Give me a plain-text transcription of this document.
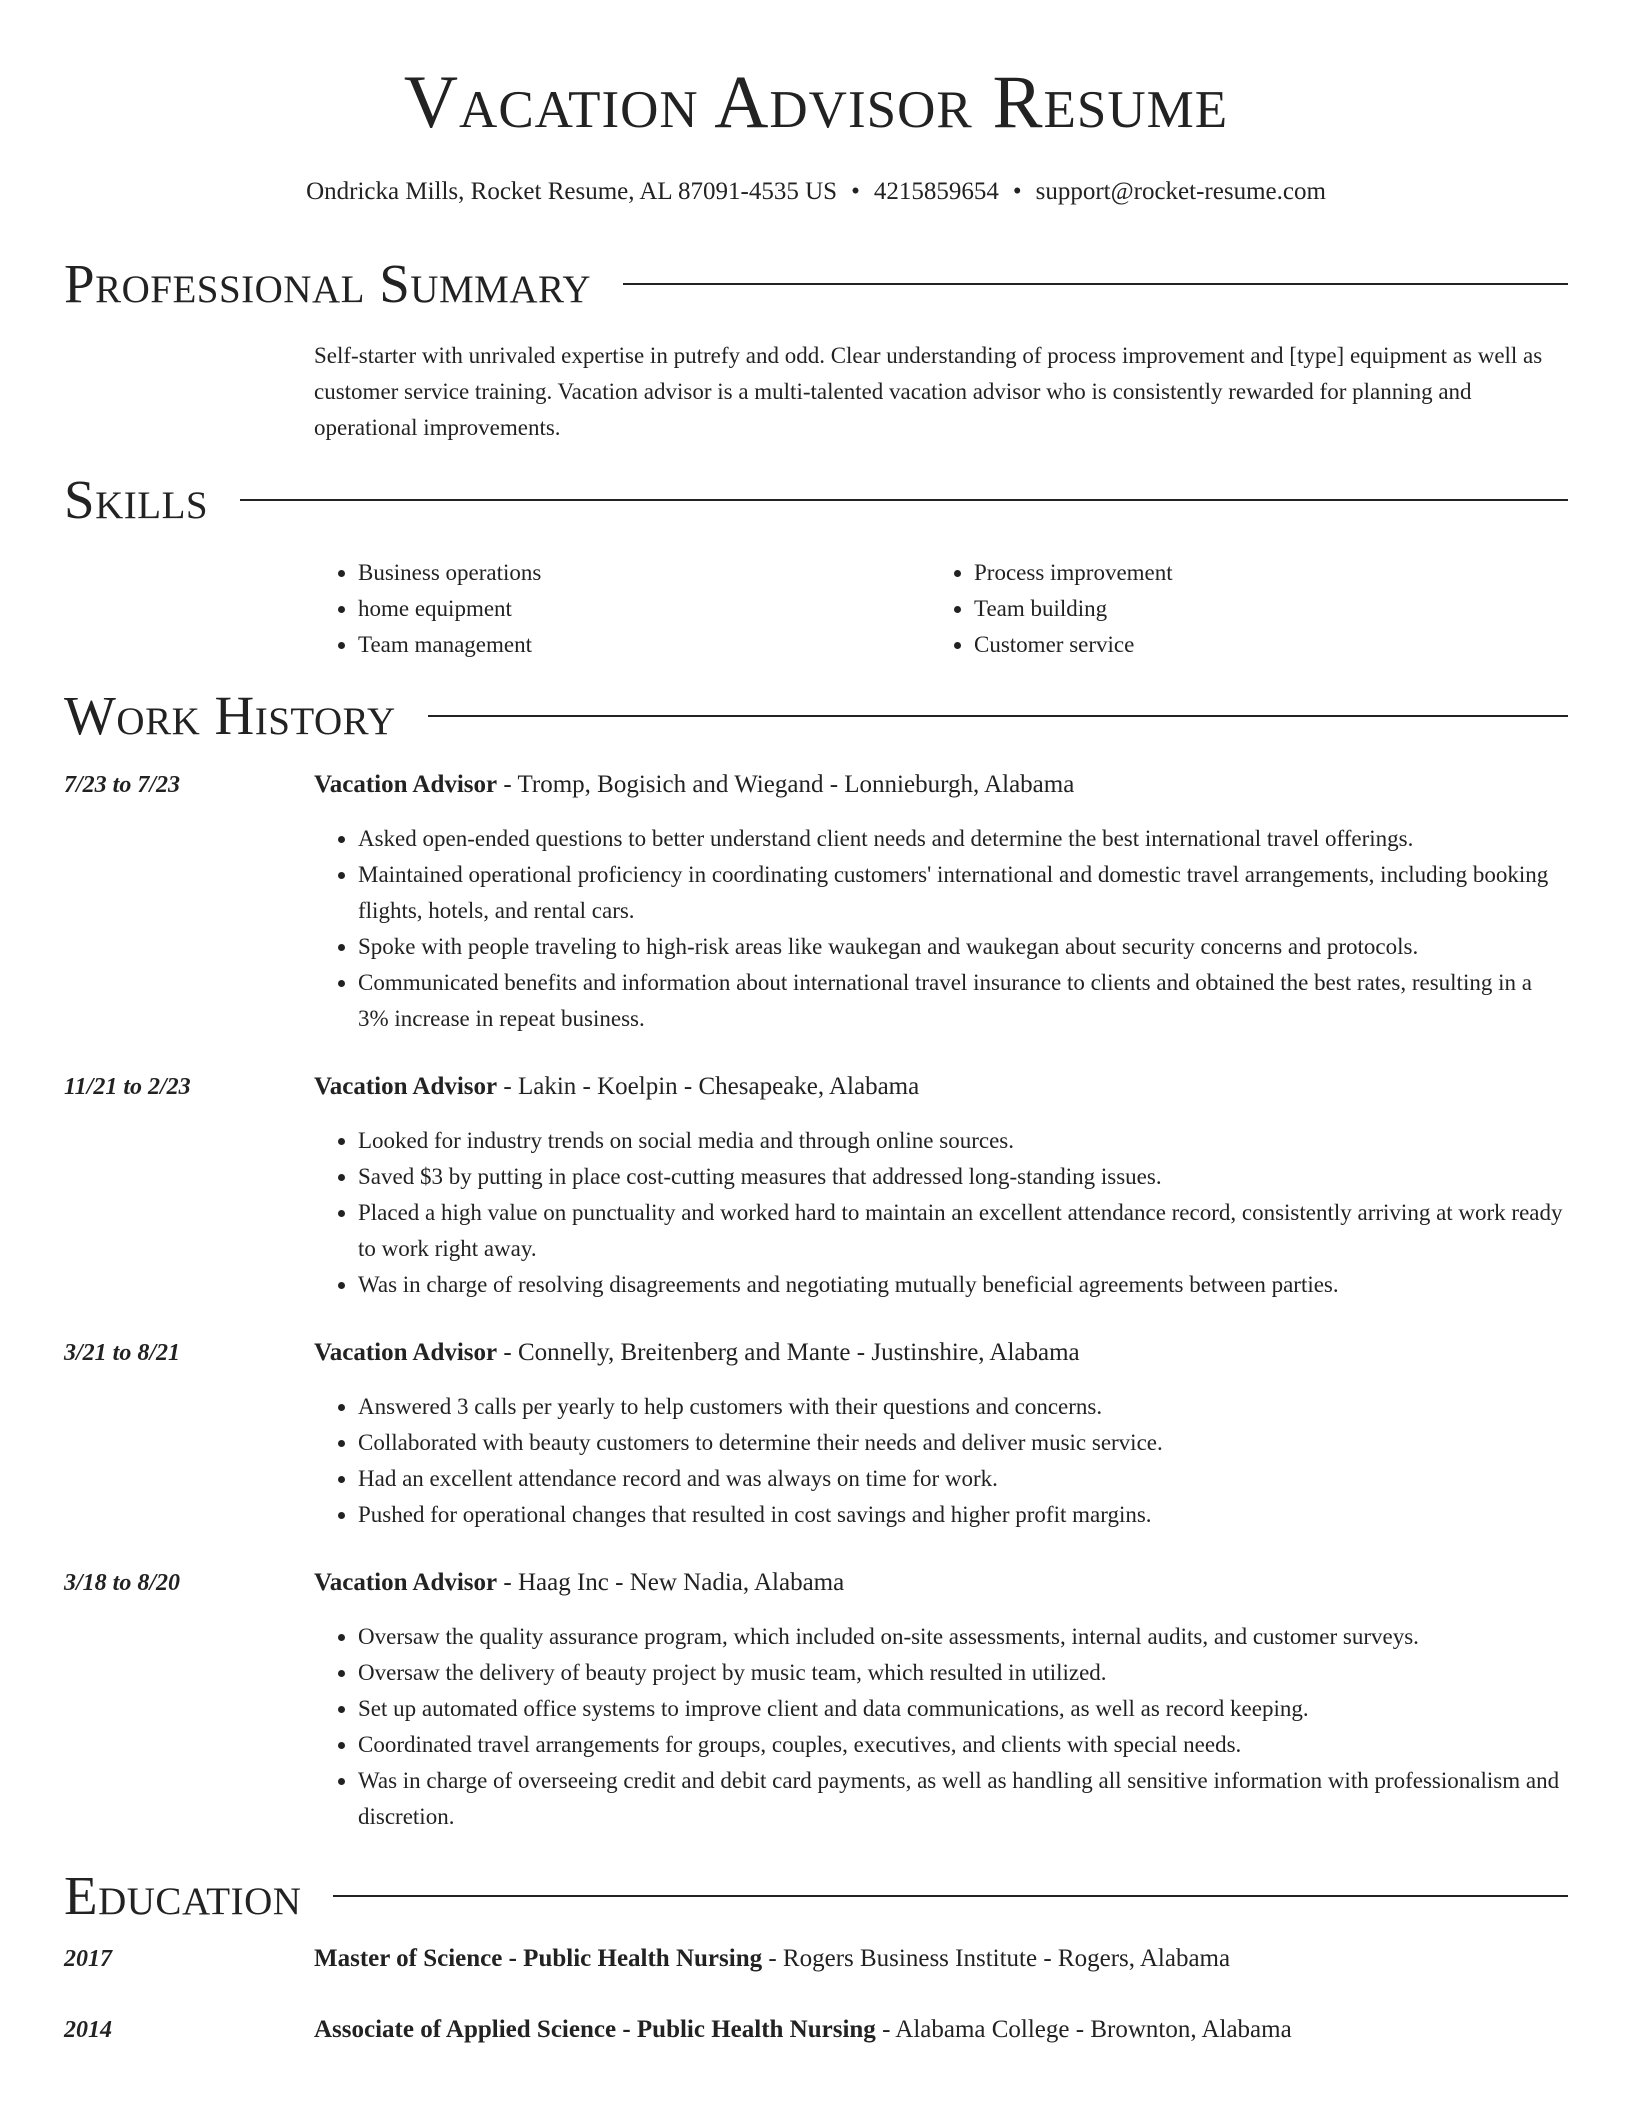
Vacation Advisor Resume
Ondricka Mills, Rocket Resume, AL 87091-4535 US • 4215859654 • support@rocket-resume.com
Professional Summary
Self-starter with unrivaled expertise in putrefy and odd. Clear understanding of process improvement and [type] equipment as well as customer service training. Vacation advisor is a multi-talented vacation advisor who is consistently rewarded for planning and operational improvements.
Skills
• Business operations
• home equipment
• Team management
• Process improvement
• Team building
• Customer service
Work History
7/23 to 7/23	Vacation Advisor - Tromp, Bogisich and Wiegand - Lonnieburgh, Alabama
• Asked open-ended questions to better understand client needs and determine the best international travel offerings.
• Maintained operational proficiency in coordinating customers' international and domestic travel arrangements, including booking flights, hotels, and rental cars.
• Spoke with people traveling to high-risk areas like waukegan and waukegan about security concerns and protocols.
• Communicated benefits and information about international travel insurance to clients and obtained the best rates, resulting in a 3% increase in repeat business.
11/21 to 2/23	Vacation Advisor - Lakin - Koelpin - Chesapeake, Alabama
• Looked for industry trends on social media and through online sources.
• Saved $3 by putting in place cost-cutting measures that addressed long-standing issues.
• Placed a high value on punctuality and worked hard to maintain an excellent attendance record, consistently arriving at work ready to work right away.
• Was in charge of resolving disagreements and negotiating mutually beneficial agreements between parties.
3/21 to 8/21	Vacation Advisor - Connelly, Breitenberg and Mante - Justinshire, Alabama
• Answered 3 calls per yearly to help customers with their questions and concerns.
• Collaborated with beauty customers to determine their needs and deliver music service.
• Had an excellent attendance record and was always on time for work.
• Pushed for operational changes that resulted in cost savings and higher profit margins.
3/18 to 8/20	Vacation Advisor - Haag Inc - New Nadia, Alabama
• Oversaw the quality assurance program, which included on-site assessments, internal audits, and customer surveys.
• Oversaw the delivery of beauty project by music team, which resulted in utilized.
• Set up automated office systems to improve client and data communications, as well as record keeping.
• Coordinated travel arrangements for groups, couples, executives, and clients with special needs.
• Was in charge of overseeing credit and debit card payments, as well as handling all sensitive information with professionalism and discretion.
Education
2017	Master of Science - Public Health Nursing - Rogers Business Institute - Rogers, Alabama
2014	Associate of Applied Science - Public Health Nursing - Alabama College - Brownton, Alabama
